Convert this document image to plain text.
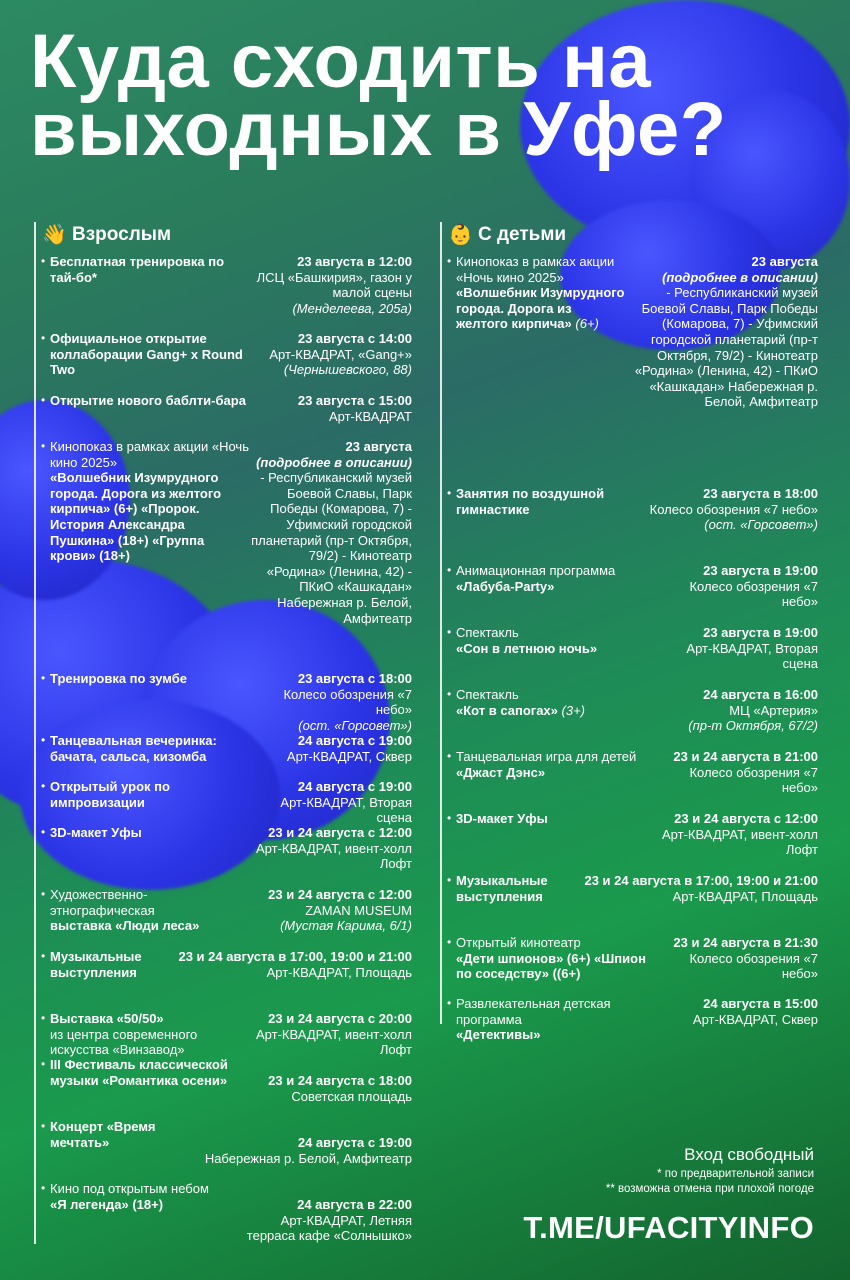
Куда сходить на
выходных в Уфе?
👋 Взрослым
• Бесплатная тренировка по тай-бо*
23 августа в 12:00
ЛСЦ «Башкирия», газон у малой сцены
(Менделеева, 205а)
• Официальное открытие коллаборации Gang+ x Round Two
23 августа с 14:00
Арт-КВАДРАТ, «Gang+»
(Чернышевского, 88)
• Открытие нового баблти-бара	23 августа с 15:00
Арт-КВАДРАТ
• Кинопоказ в рамках акции «Ночь кино 2025»
«Волшебник Изумрудного города. Дорога из желтого кирпича» (6+) «Пророк. История Александра Пушкина» (18+) «Группа крови» (18+)
23 августа
(подробнее в описании)
- Республиканский музей Боевой Славы, Парк Победы (Комарова, 7) - Уфимский городской планетарий (пр-т Октября, 79/2) - Кинотеатр «Родина» (Ленина, 42) - ПКиО «Кашкадан» Набережная р. Белой, Амфитеатр
• Тренировка по зумбе	23 августа с 18:00
Колесо обозрения «7 небо»
(ост. «Горсовет»)
• Танцевальная вечеринка: бачата, сальса, кизомба
24 августа с 19:00
Арт-КВАДРАТ, Сквер
• Открытый урок по импровизации
24 августа с 19:00
Арт-КВАДРАТ, Вторая сцена
• 3D-макет Уфы	23 и 24 августа с 12:00
Арт-КВАДРАТ, ивент-холл Лофт
• Художественно-этнографическая
выставка «Люди леса»
23 и 24 августа с 12:00
ZAMAN MUSEUM
(Мустая Карима, 6/1)
• Музыкальные выступления
23 и 24 августа в 17:00, 19:00 и 21:00
Арт-КВАДРАТ, Площадь
• Выставка «50/50»
из центра современного искусства «Винзавод»
23 и 24 августа с 20:00
Арт-КВАДРАТ, ивент-холл Лофт
• III Фестиваль классической музыки «Романтика осени»	23 и 24 августа с 18:00
Советская площадь
• Концерт «Время мечтать»	24 августа с 19:00
Набережная р. Белой, Амфитеатр
• Кино под открытым небом
«Я легенда» (18+)	24 августа в 22:00
Арт-КВАДРАТ, Летняя терраса кафе «Солнышко»
👶 С детьми
• Кинопоказ в рамках акции «Ночь кино 2025»
«Волшебник Изумрудного города. Дорога из желтого кирпича» (6+)
23 августа
(подробнее в описании)
- Республиканский музей Боевой Славы, Парк Победы (Комарова, 7) - Уфимский городской планетарий (пр-т Октября, 79/2) - Кинотеатр «Родина» (Ленина, 42) - ПКиО «Кашкадан» Набережная р. Белой, Амфитеатр
• Занятия по воздушной гимнастике
23 августа в 18:00
Колесо обозрения «7 небо»
(ост. «Горсовет»)
• Анимационная программа
«Лабуба-Party»
23 августа в 19:00
Колесо обозрения «7 небо»
• Спектакль
«Сон в летнюю ночь»
23 августа в 19:00
Арт-КВАДРАТ, Вторая сцена
• Спектакль
«Кот в сапогах» (3+)
24 августа в 16:00
МЦ «Артерия»
(пр-т Октября, 67/2)
• Танцевальная игра для детей «Джаст Дэнс»
23 и 24 августа в 21:00
Колесо обозрения «7 небо»
• 3D-макет Уфы	23 и 24 августа с 12:00
Арт-КВАДРАТ, ивент-холл Лофт
• Музыкальные выступления
23 и 24 августа в 17:00, 19:00 и 21:00
Арт-КВАДРАТ, Площадь
• Открытый кинотеатр
«Дети шпионов» (6+) «Шпион по соседству» ((6+)
23 и 24 августа в 21:30
Колесо обозрения «7 небо»
• Развлекательная детская программа
«Детективы»
24 августа в 15:00
Арт-КВАДРАТ, Сквер
Вход свободный
* по предварительной записи
** возможна отмена при плохой погоде
T.ME/UFACITYINFO
